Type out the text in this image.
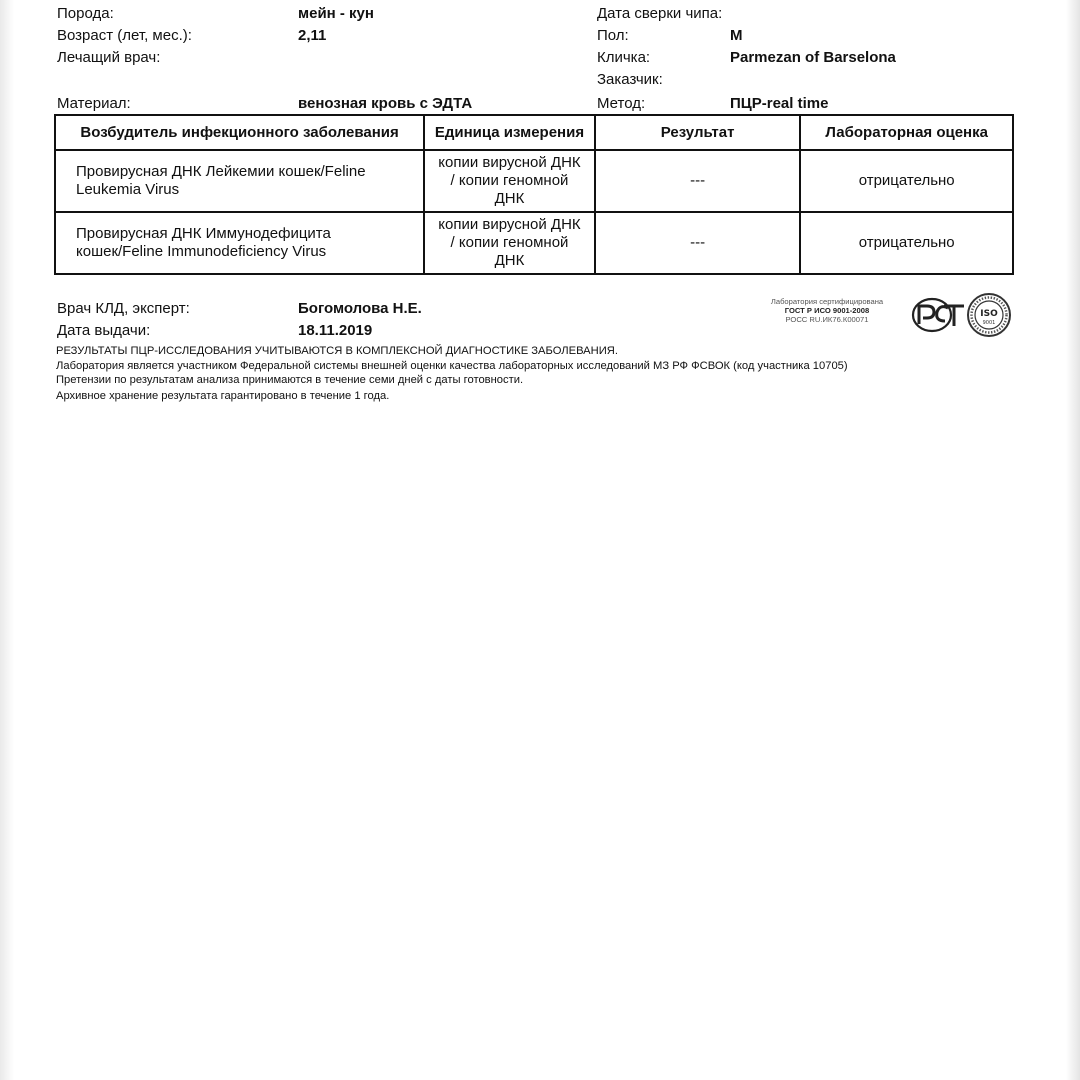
Порода:	мейн - кун	Дата сверки чипа:
Возраст (лет, мес.):	2,11	Пол:	М
Лечащий врач:	Кличка:	Parmezan of Barselona
Заказчик:
Материал:	венозная кровь с ЭДТА	Метод:	ПЦР-real time
Возбудитель инфекционного заболевания	Единица измерения	Результат	Лабораторная оценка
Провирусная ДНК Лейкемии кошек/Feline
Leukemia Virus	копии вирусной ДНК
/ копии геномной
ДНК	---	отрицательно
Провирусная ДНК Иммунодефицита
кошек/Feline Immunodeficiency Virus	копии вирусной ДНК
/ копии геномной
ДНК	---	отрицательно
Врач КЛД, эксперт:	Богомолова Н.Е.
Дата выдачи:	18.11.2019
РЕЗУЛЬТАТЫ ПЦР-ИССЛЕДОВАНИЯ УЧИТЫВАЮТСЯ В КОМПЛЕКСНОЙ ДИАГНОСТИКЕ ЗАБОЛЕВАНИЯ.
Лаборатория является участником Федеральной системы внешней оценки качества лабораторных исследований МЗ РФ ФСВОК (код участника 10705)
Претензии по результатам анализа принимаются в течение семи дней с даты готовности.
Архивное хранение результата гарантировано в течение 1 года.
Лаборатория сертифицирована
ГОСТ Р ИСО 9001-2008
РОСС RU.ИК76.К00071
ISO
9001
